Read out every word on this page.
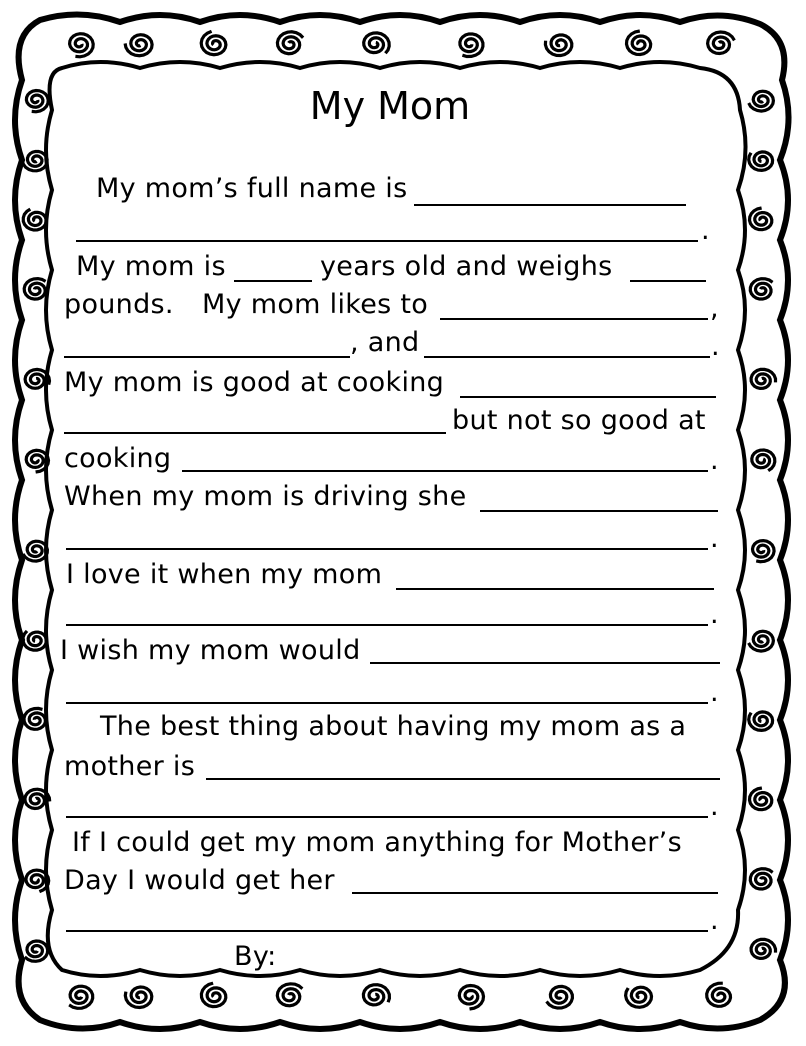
My Mom
My mom’s full name is
.
My mom is	years old and weighs
pounds. My mom likes to	,
, and	.
My mom is good at cooking
but not so good at
cooking	.
When my mom is driving she
.
I love it when my mom
.
I wish my mom would
.
The best thing about having my mom as a
mother is
.
If I could get my mom anything for Mother’s
Day I would get her
.
By:
